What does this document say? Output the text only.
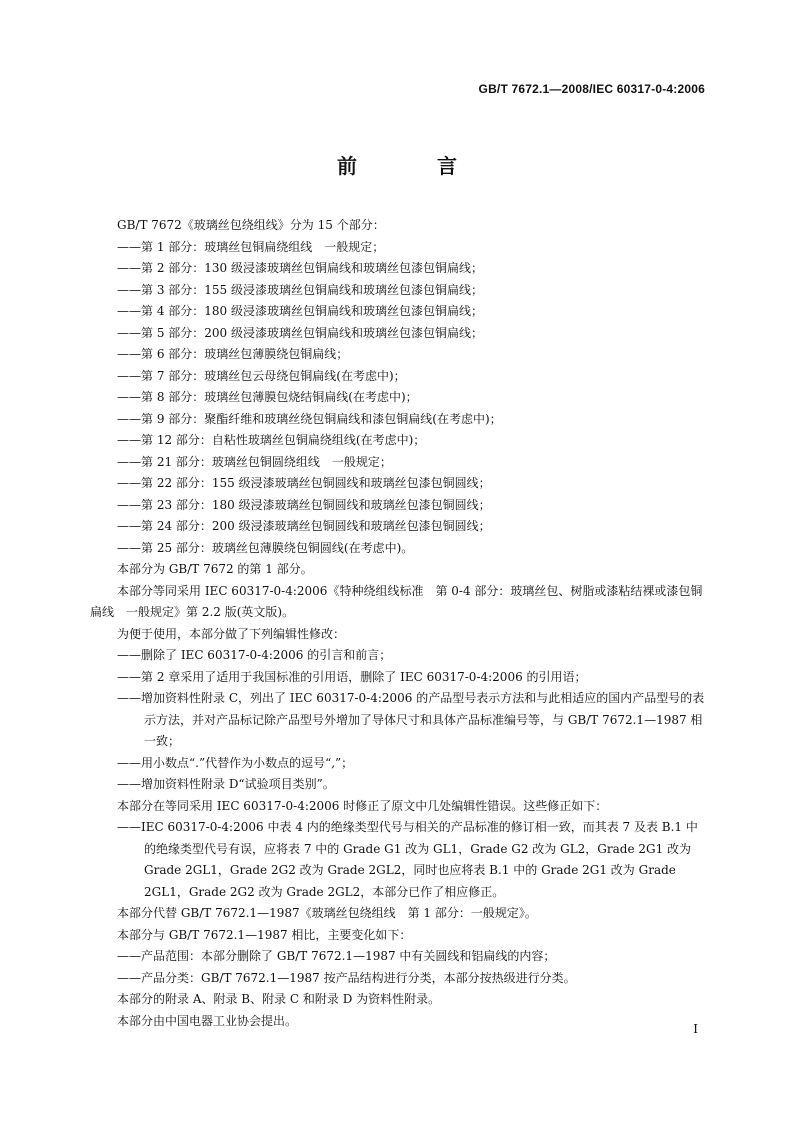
GB/T 7672.1—2008/IEC 60317-0-4:2006
前　言
GB/T 7672《玻璃丝包绕组线》分为 15 个部分：
——第 1 部分：玻璃丝包铜扁绕组线　一般规定；
——第 2 部分：130 级浸漆玻璃丝包铜扁线和玻璃丝包漆包铜扁线；
——第 3 部分：155 级浸漆玻璃丝包铜扁线和玻璃丝包漆包铜扁线；
——第 4 部分：180 级浸漆玻璃丝包铜扁线和玻璃丝包漆包铜扁线；
——第 5 部分：200 级浸漆玻璃丝包铜扁线和玻璃丝包漆包铜扁线；
——第 6 部分：玻璃丝包薄膜绕包铜扁线；
——第 7 部分：玻璃丝包云母绕包铜扁线(在考虑中)；
——第 8 部分：玻璃丝包薄膜包烧结铜扁线(在考虑中)；
——第 9 部分：聚酯纤维和玻璃丝绕包铜扁线和漆包铜扁线(在考虑中)；
——第 12 部分：自粘性玻璃丝包铜扁绕组线(在考虑中)；
——第 21 部分：玻璃丝包铜圆绕组线　一般规定；
——第 22 部分：155 级浸漆玻璃丝包铜圆线和玻璃丝包漆包铜圆线；
——第 23 部分：180 级浸漆玻璃丝包铜圆线和玻璃丝包漆包铜圆线；
——第 24 部分：200 级浸漆玻璃丝包铜圆线和玻璃丝包漆包铜圆线；
——第 25 部分：玻璃丝包薄膜绕包铜圆线(在考虑中)。
本部分为 GB/T 7672 的第 1 部分。
本部分等同采用 IEC 60317-0-4:2006《特种绕组线标准　第 0-4 部分：玻璃丝包、树脂或漆粘结裸或漆包铜扁线　一般规定》第 2.2 版(英文版)。
为便于使用，本部分做了下列编辑性修改：
——删除了 IEC 60317-0-4:2006 的引言和前言；
——第 2 章采用了适用于我国标准的引用语，删除了 IEC 60317-0-4:2006 的引用语；
——增加资料性附录 C，列出了 IEC 60317-0-4:2006 的产品型号表示方法和与此相适应的国内产品型号的表示方法，并对产品标记除产品型号外增加了导体尺寸和具体产品标准编号等，与 GB/T 7672.1—1987 相一致；
——用小数点“.”代替作为小数点的逗号“,”；
——增加资料性附录 D“试验项目类别”。
本部分在等同采用 IEC 60317-0-4:2006 时修正了原文中几处编辑性错误。这些修正如下：
——IEC 60317-0-4:2006 中表 4 内的绝缘类型代号与相关的产品标准的修订相一致，而其表 7 及表 B.1 中的绝缘类型代号有误，应将表 7 中的 Grade G1 改为 GL1，Grade G2 改为 GL2，Grade 2G1 改为 Grade 2GL1，Grade 2G2 改为 Grade 2GL2，同时也应将表 B.1 中的 Grade 2G1 改为 Grade 2GL1，Grade 2G2 改为 Grade 2GL2，本部分已作了相应修正。
本部分代替 GB/T 7672.1—1987《玻璃丝包绕组线　第 1 部分：一般规定》。
本部分与 GB/T 7672.1—1987 相比，主要变化如下：
——产品范围：本部分删除了 GB/T 7672.1—1987 中有关圆线和铝扁线的内容；
——产品分类：GB/T 7672.1—1987 按产品结构进行分类，本部分按热级进行分类。
本部分的附录 A、附录 B、附录 C 和附录 D 为资料性附录。
本部分由中国电器工业协会提出。
I
